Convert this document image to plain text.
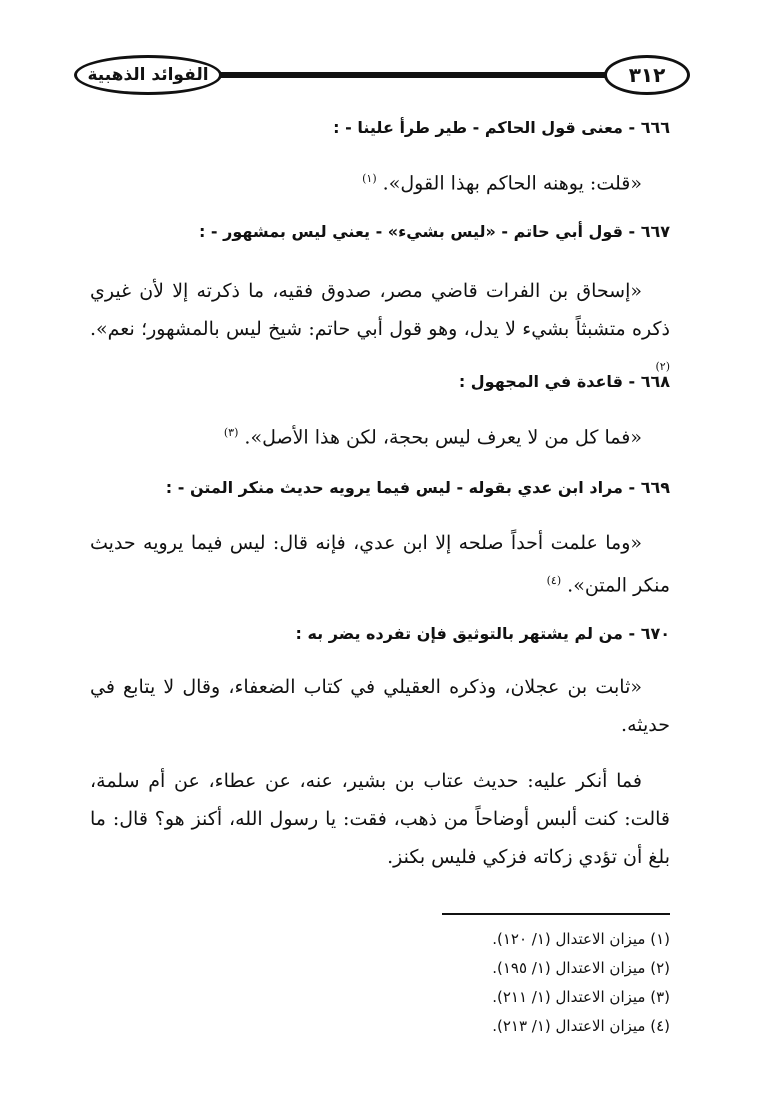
الفوائد الذهبية	٣١٢
٦٦٦ - معنى قول الحاكم - طير طرأ علينا - :
«قلت: يوهنه الحاكم بهذا القول». $^{(١)}$
٦٦٧ - قول أبي حاتم - «ليس بشيء» - يعني ليس بمشهور - :
«إسحاق بن الفرات قاضي مصر، صدوق فقيه، ما ذكرته إلا لأن غيري ذكره متشبثاً بشيء لا يدل، وهو قول أبي حاتم: شيخ ليس بالمشهور؛ نعم». $^{(٢)}$
٦٦٨ - قاعدة في المجهول :
«فما كل من لا يعرف ليس بحجة، لكن هذا الأصل». $^{(٣)}$
٦٦٩ - مراد ابن عدي بقوله - ليس فيما يرويه حديث منكر المتن - :
«وما علمت أحداً صلحه إلا ابن عدي، فإنه قال: ليس فيما يرويه حديث منكر المتن». $^{(٤)}$
٦٧٠ - من لم يشتهر بالتوثيق فإن تفرده يضر به :
«ثابت بن عجلان، وذكره العقيلي في كتاب الضعفاء، وقال لا يتابع في حديثه.
فما أنكر عليه: حديث عتاب بن بشير، عنه، عن عطاء، عن أم سلمة، قالت: كنت ألبس أوضاحاً من ذهب، فقت: يا رسول الله، أكنز هو؟ قال: ما بلغ أن تؤدي زكاته فزكي فليس بكنز.
(١) ميزان الاعتدال (١/ ١٢٠).
(٢) ميزان الاعتدال (١/ ١٩٥).
(٣) ميزان الاعتدال (١/ ٢١١).
(٤) ميزان الاعتدال (١/ ٢١٣).
